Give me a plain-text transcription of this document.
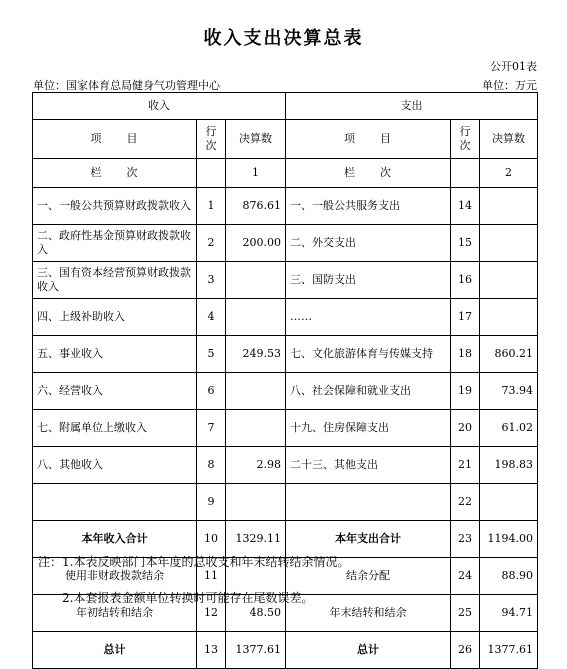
收入支出决算总表
公开01表
单位：国家体育总局健身气功管理中心	单位：万元
收入			支出		
项　　目	行次	决算数	项　　目	行次	决算数
栏　　次		1	栏　　次		2
一、一般公共预算财政拨款收入	1	876.61	一、一般公共服务支出	14	
二、政府性基金预算财政拨款收入	2	200.00	二、外交支出	15	
三、国有资本经营预算财政拨款收入	3		三、国防支出	16	
四、上级补助收入	4		……	17	
五、事业收入	5	249.53	七、文化旅游体育与传媒支持	18	860.21
六、经营收入	6		八、社会保障和就业支出	19	73.94
七、附属单位上缴收入	7		十九、住房保障支出	20	61.02
八、其他收入	8	2.98	二十三、其他支出	21	198.83
	9			22	
本年收入合计	10	1329.11	本年支出合计	23	1194.00
使用非财政拨款结余	11		结余分配	24	88.90
年初结转和结余	12	48.50	年末结转和结余	25	94.71
总计	13	1377.61	总计	26	1377.61
注：1.本表反映部门本年度的总收支和年末结转结余情况。
2.本套报表金额单位转换时可能存在尾数误差。
